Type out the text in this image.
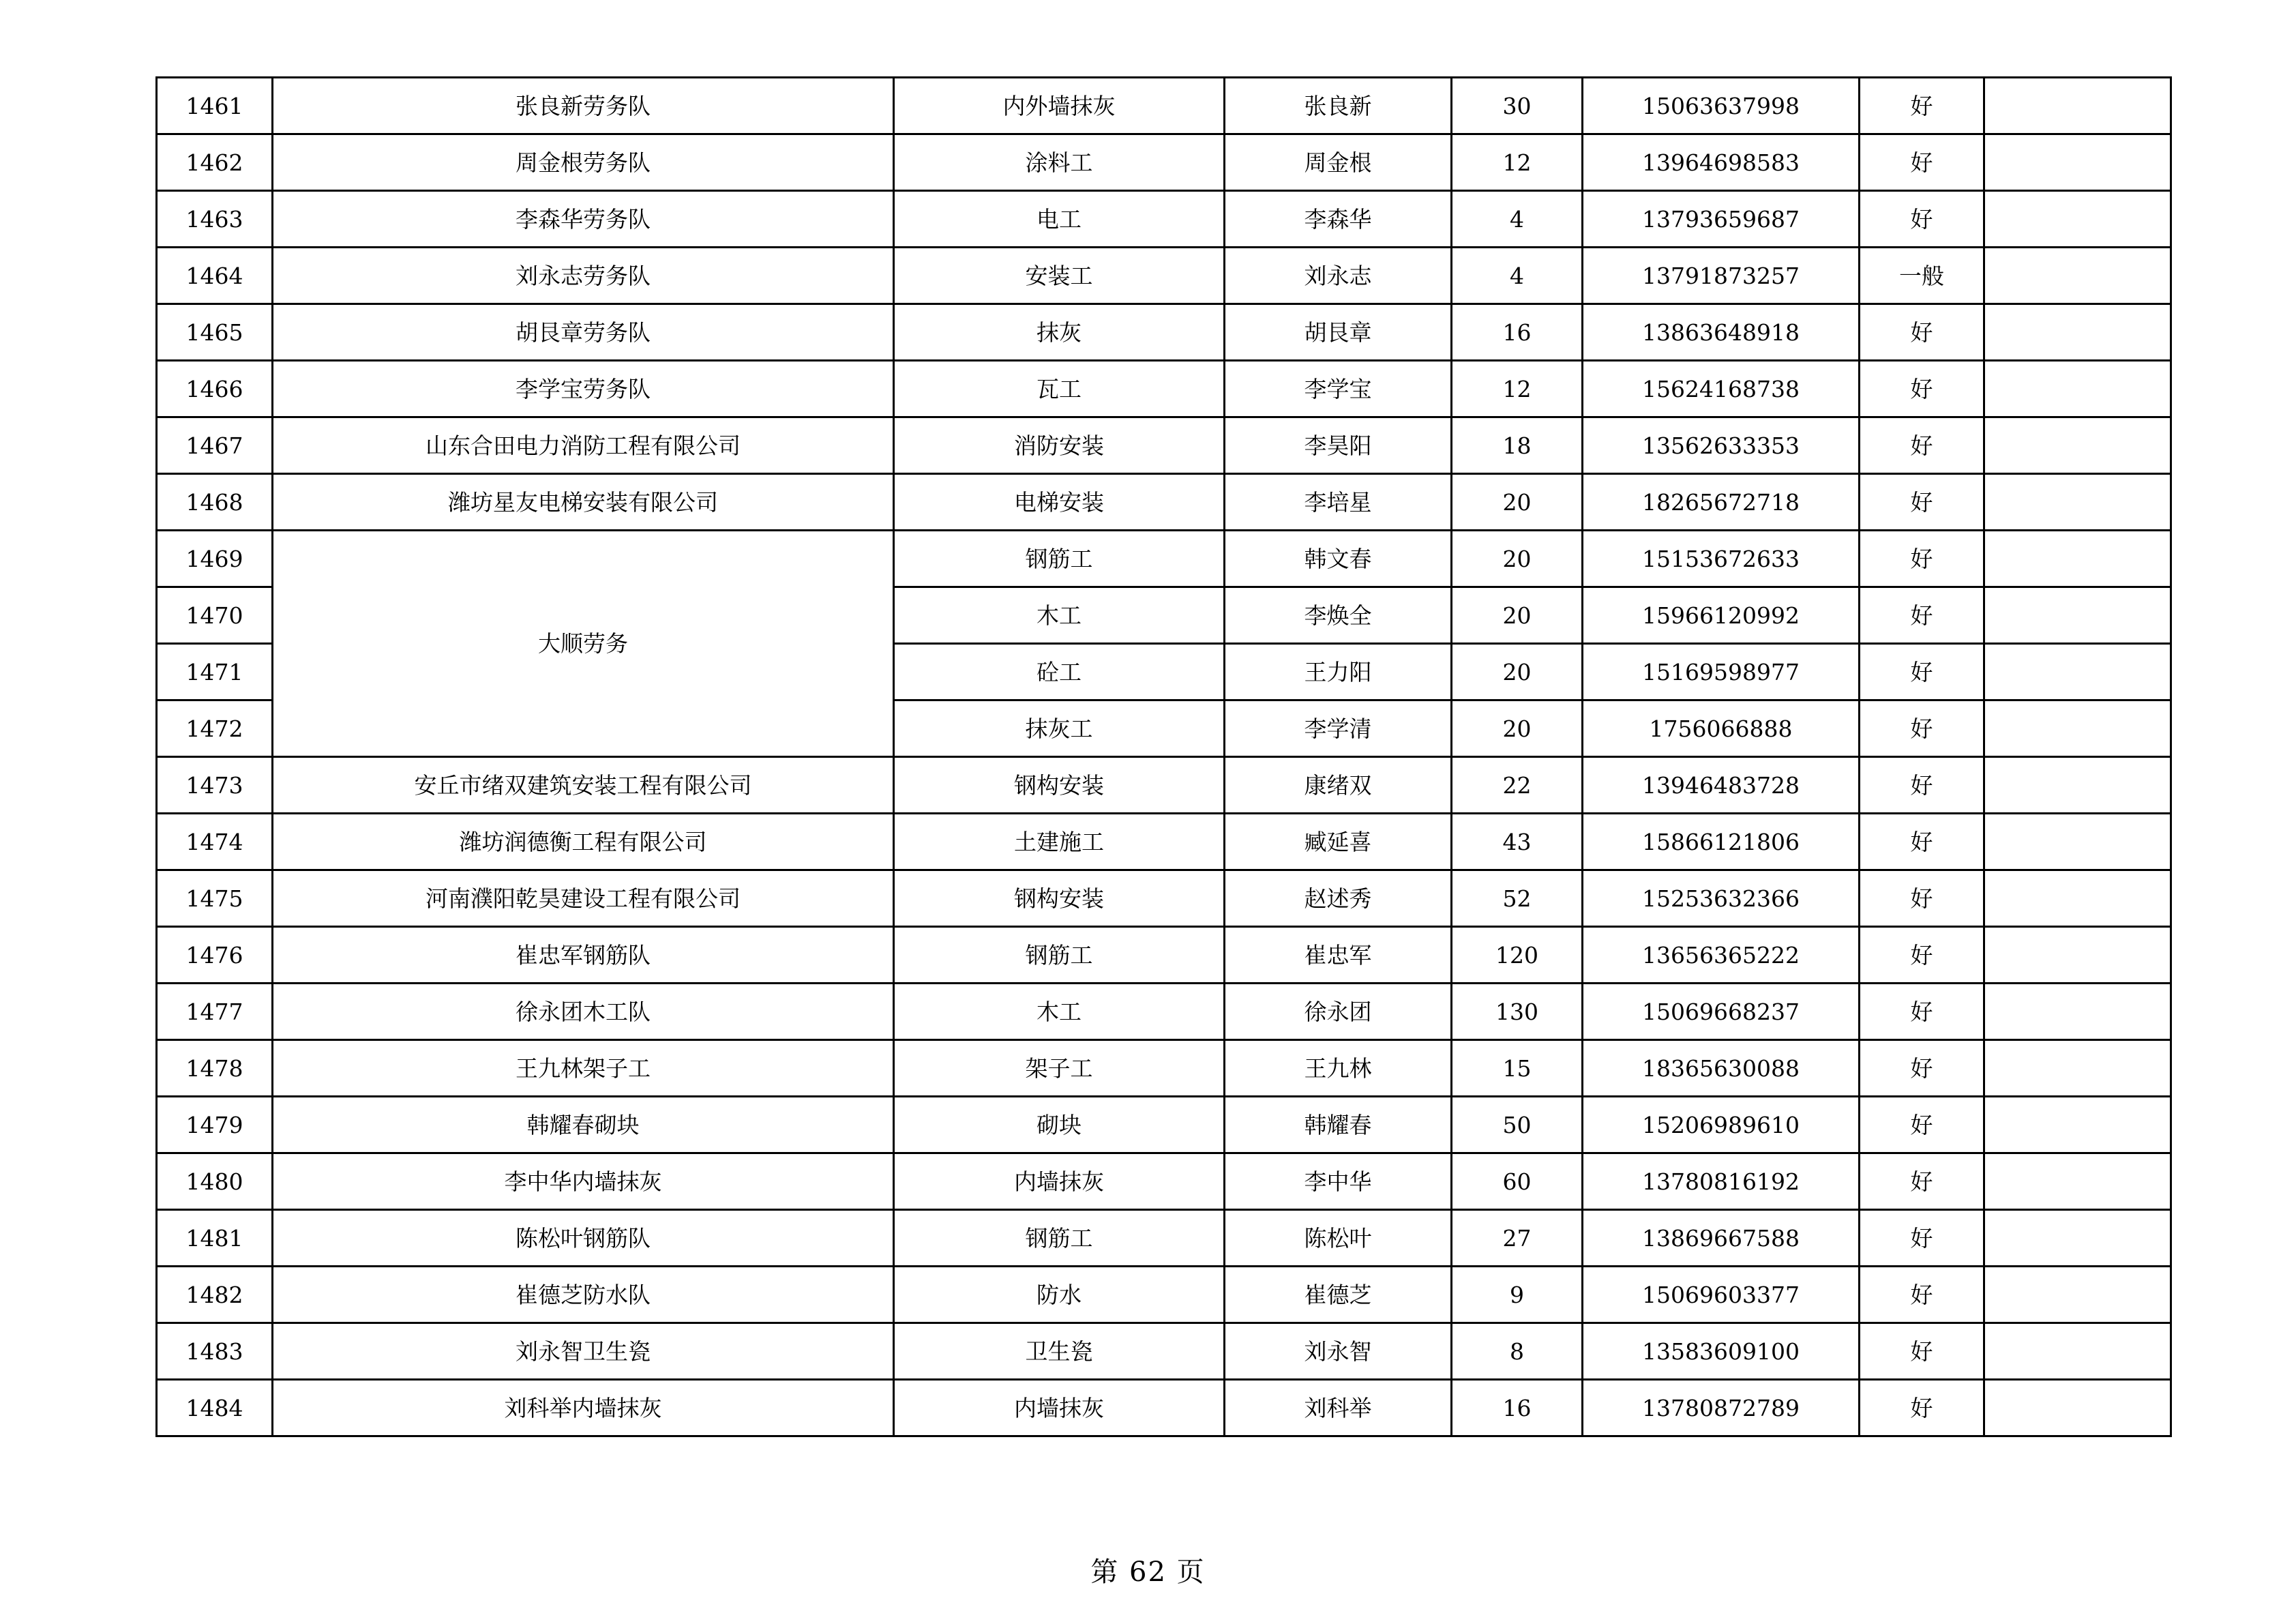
1461	张良新劳务队	内外墙抹灰	张良新	30	15063637998	好	
1462	周金根劳务队	涂料工	周金根	12	13964698583	好	
1463	李森华劳务队	电工	李森华	4	13793659687	好	
1464	刘永志劳务队	安装工	刘永志	4	13791873257	一般	
1465	胡艮章劳务队	抹灰	胡艮章	16	13863648918	好	
1466	李学宝劳务队	瓦工	李学宝	12	15624168738	好	
1467	山东合田电力消防工程有限公司	消防安装	李昊阳	18	13562633353	好	
1468	潍坊星友电梯安装有限公司	电梯安装	李培星	20	18265672718	好	
1469	大顺劳务	钢筋工	韩文春	20	15153672633	好	
1470		木工	李焕全	20	15966120992	好	
1471		砼工	王力阳	20	15169598977	好	
1472		抹灰工	李学清	20	1756066888	好	
1473	安丘市绪双建筑安装工程有限公司	钢构安装	康绪双	22	13946483728	好	
1474	潍坊润德衡工程有限公司	土建施工	臧延喜	43	15866121806	好	
1475	河南濮阳乾昊建设工程有限公司	钢构安装	赵述秀	52	15253632366	好	
1476	崔忠军钢筋队	钢筋工	崔忠军	120	13656365222	好	
1477	徐永团木工队	木工	徐永团	130	15069668237	好	
1478	王九林架子工	架子工	王九林	15	18365630088	好	
1479	韩耀春砌块	砌块	韩耀春	50	15206989610	好	
1480	李中华内墙抹灰	内墙抹灰	李中华	60	13780816192	好	
1481	陈松叶钢筋队	钢筋工	陈松叶	27	13869667588	好	
1482	崔德芝防水队	防水	崔德芝	9	15069603377	好	
1483	刘永智卫生瓷	卫生瓷	刘永智	8	13583609100	好	
1484	刘科举内墙抹灰	内墙抹灰	刘科举	16	13780872789	好	
第 62 页
